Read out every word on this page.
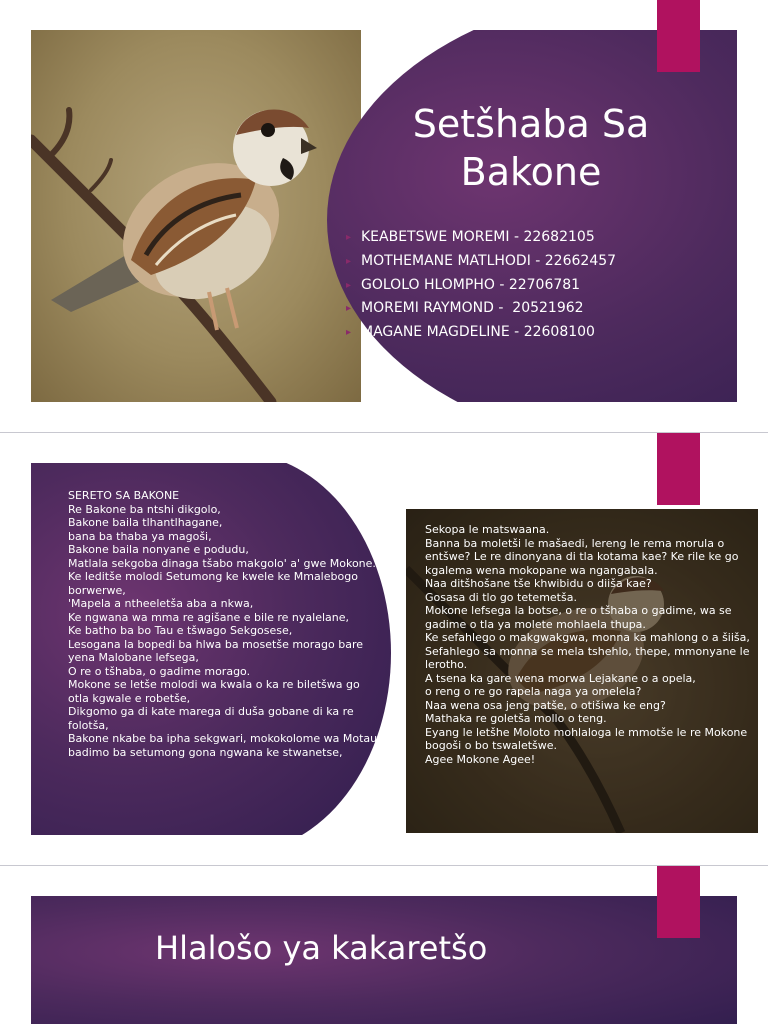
Setšhaba Sa
Bakone
▸ KEABETSWE MOREMI - 22682105
▸ MOTHEMANE MATLHODI - 22662457
▸ GOLOLO HLOMPHO - 22706781
▸ MOREMI RAYMOND -  20521962
▸ MAGANE MAGDELINE - 22608100

SERETO SA BAKONE
Re Bakone ba ntshi dikgolo,
Bakone baila tlhantlhagane,
bana ba thaba ya magoši,
Bakone baila nonyane e podudu,
Matlala sekgoba dinaga tšabo makgolo' a' gwe Mokone.
Ke leditše molodi Setumong ke kwele ke Mmalebogo borwerwe,
'Mapela a ntheeletša aba a nkwa,
Ke ngwana wa mma re agišane e bile re nyalelane,
Ke batho ba bo Tau e tšwago Sekgosese,
Lesogana la bopedi ba hlwa ba mosetše morago bare yena Malobane lefsega,
O re o tšhaba, o gadime morago.
Mokone se letše molodi wa kwala o ka re biletšwa go otla kgwale e robetše,
Dikgomo ga di kate marega di duša gobane di ka re folotša,
Bakone nkabe ba ipha sekgwari, mokokolome wa Motau
badimo ba setumong gona ngwana ke stwanetse,

Sekopa le matswaana.
Banna ba moletši le mašaedi, lereng le rema morula o entšwe? Le re dinonyana di tla kotama kae? Ke rile ke go kgalema wena mokopane wa ngangabala.
Naa ditšhošane tše khwibidu o diiša kae?
Gosasa di tlo go tetemetša.
Mokone lefsega la botse, o re o tšhaba o gadime, wa se gadime o tla ya molete mohlaela thupa.
Ke sefahlego o makgwakgwa, monna ka mahlong o a šiiša,
Sefahlego sa monna se mela tshehlo, thepe, mmonyane le lerotho.
A tsena ka gare wena morwa Lejakane o a opela,
o reng o re go rapela naga ya omelela?
Naa wena osa jeng patše, o otišiwa ke eng?
Mathaka re goletša mollo o teng.
Eyang le letšhe Moloto mohlaloga le mmotše le re Mokone bogoši o bo tswaletšwe.
Agee Mokone Agee!

Hlalošo ya kakaretšo
